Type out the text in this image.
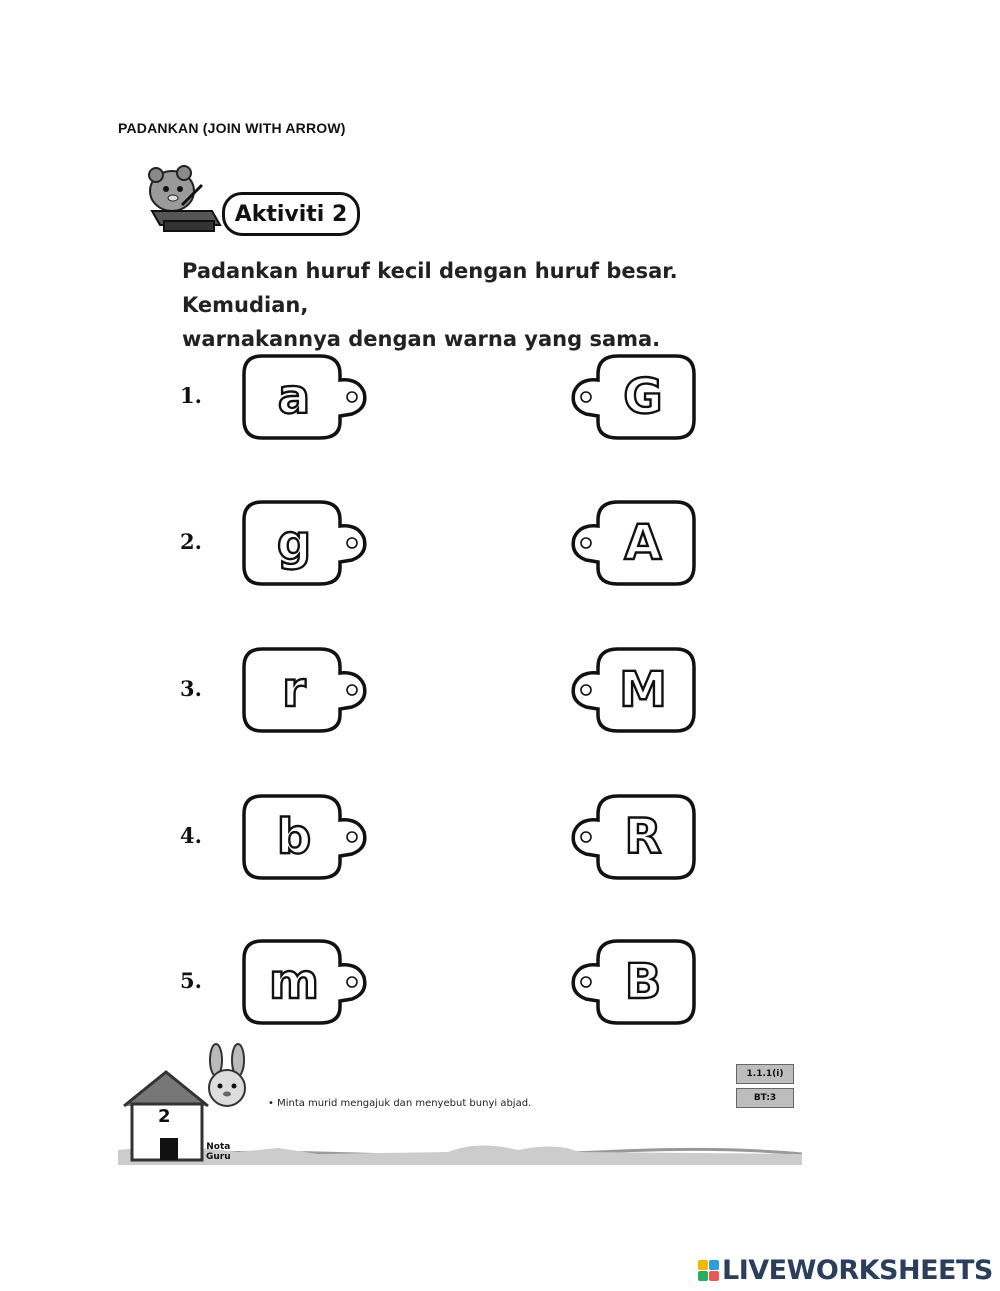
PADANKAN (JOIN WITH ARROW)
Aktiviti 2
Padankan huruf kecil dengan huruf besar. Kemudian,
warnakannya dengan warna yang sama.
1.	a	G
2.	g	A
3.	r	M
4.	b	R
5.	m	B
2
Nota
Guru
• Minta murid mengajuk dan menyebut bunyi abjad.
1.1.1(i)
BT:3
LIVEWORKSHEETS
